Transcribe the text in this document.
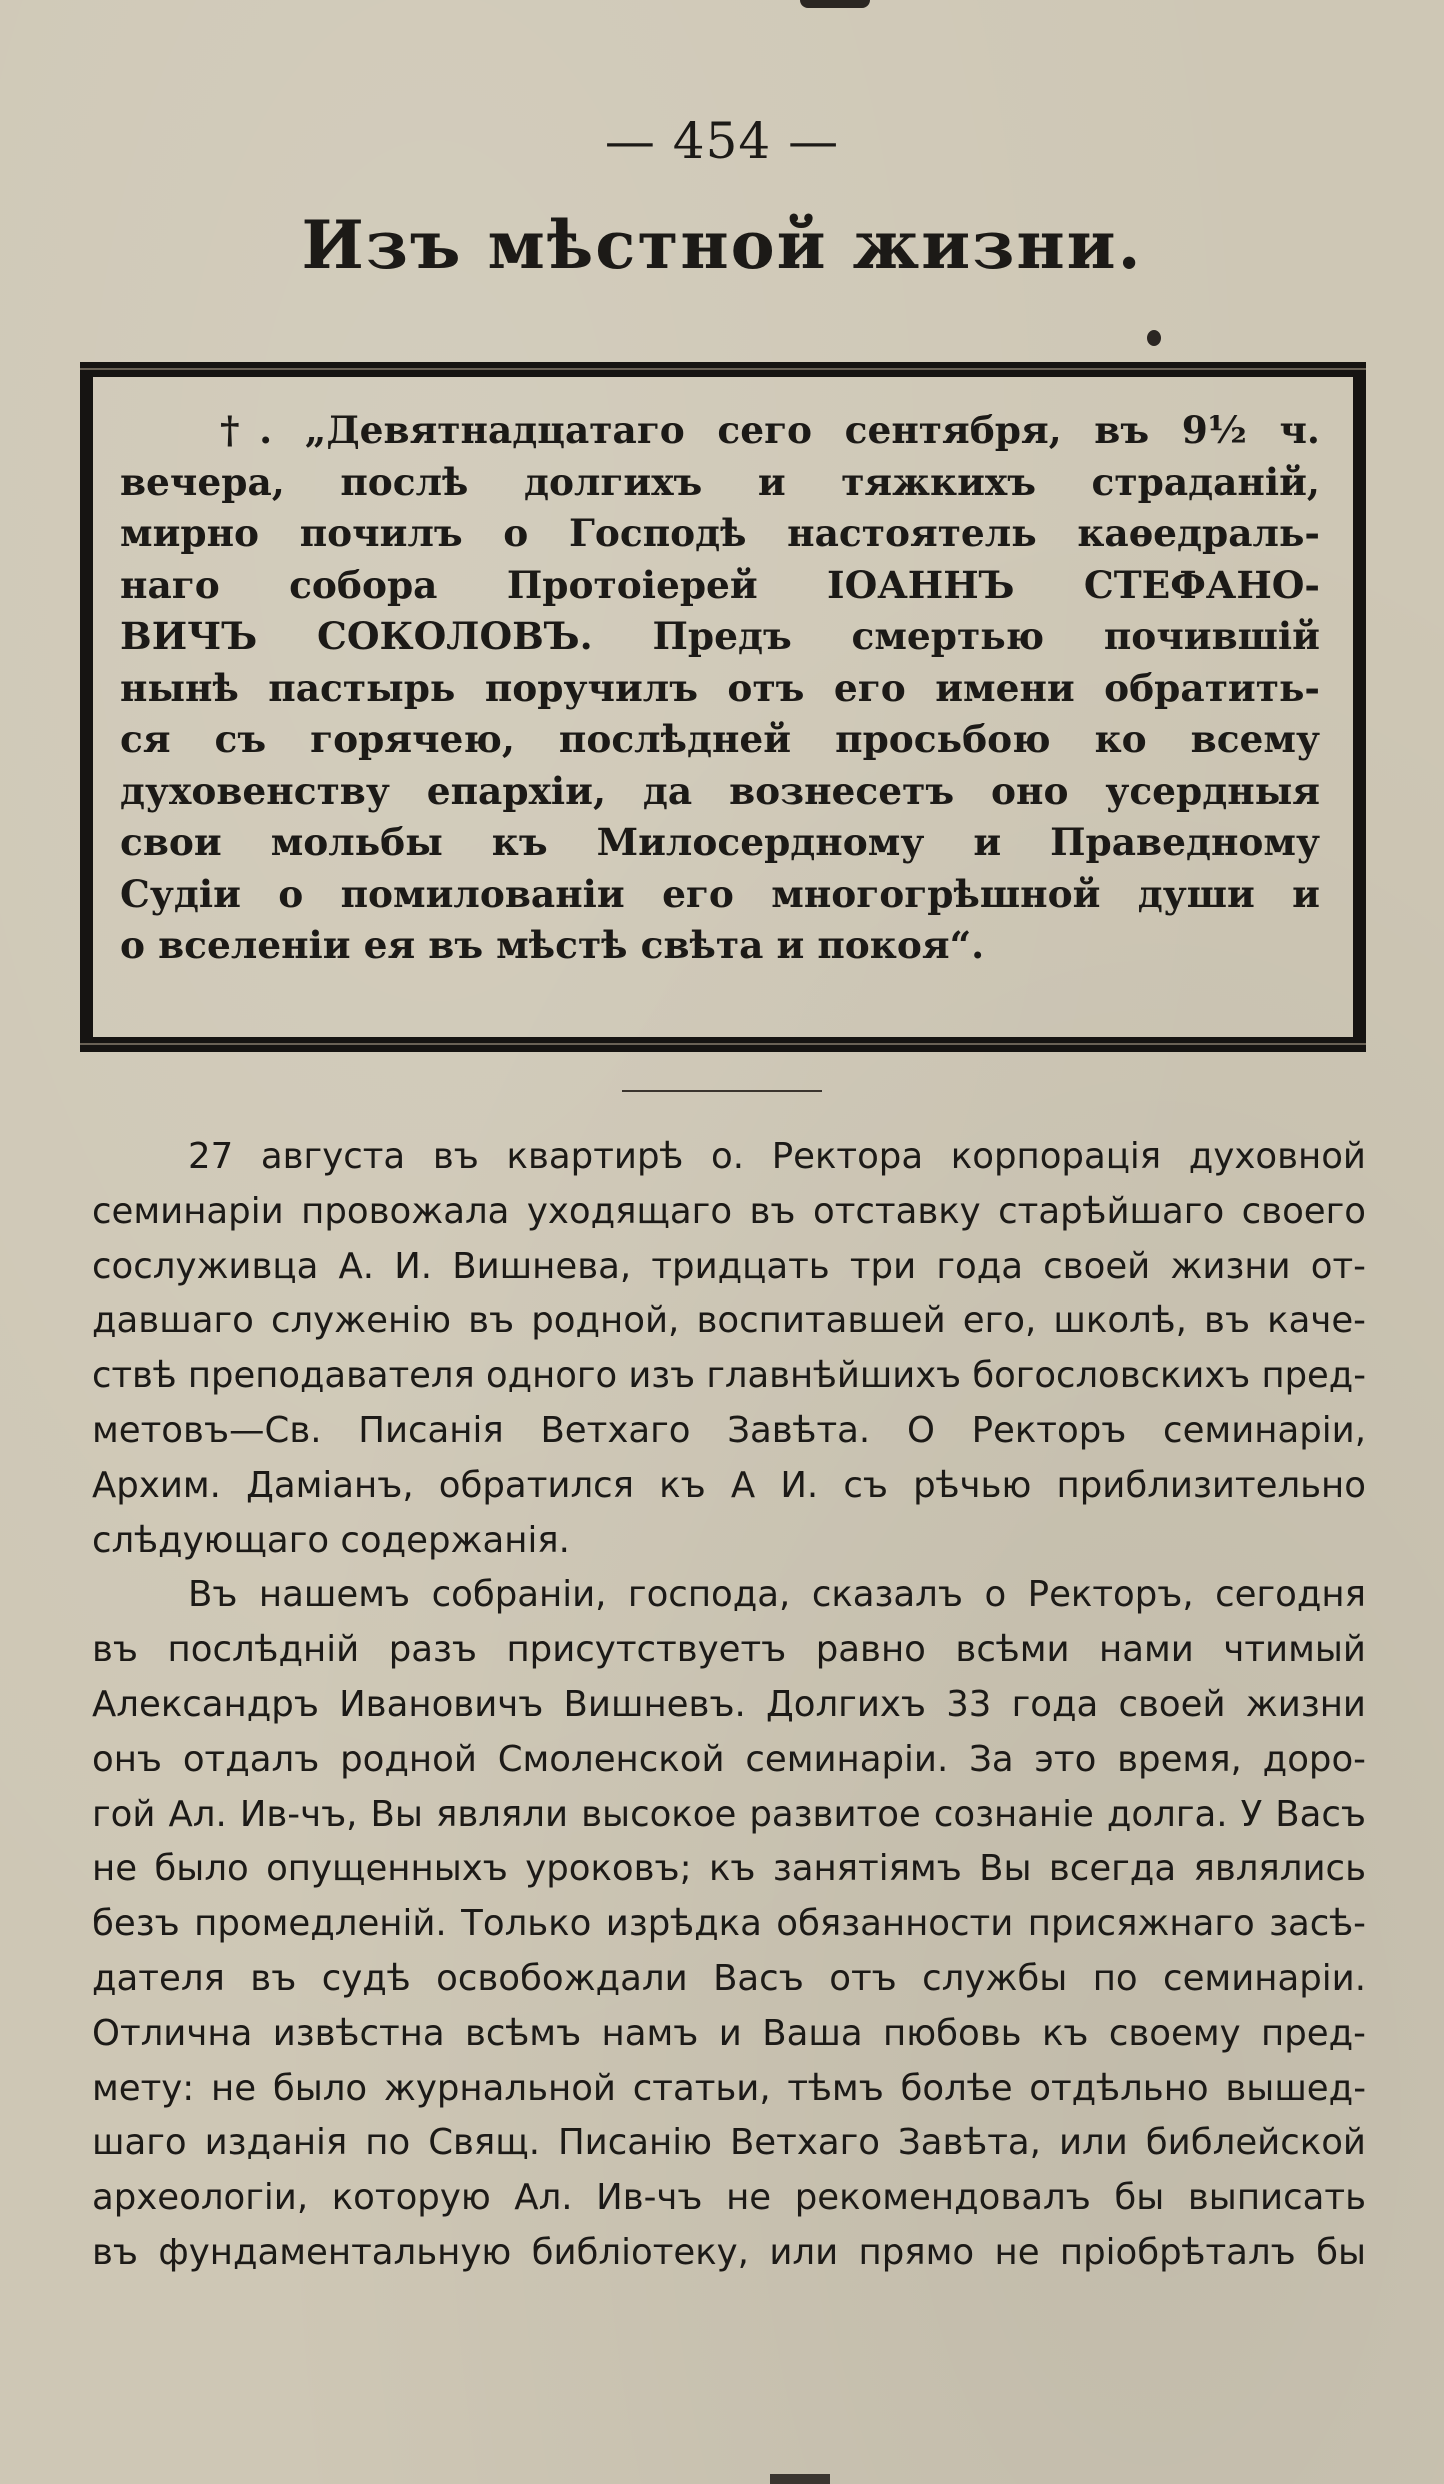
— 454 —
Изъ мѣстной жизни.
†. „Девятнадцатаго сего сентября, въ 9½ ч.
вечера, послѣ долгихъ и тяжкихъ страданій,
мирно почилъ о Господѣ настоятель каѳедраль-
наго собора Протоіерей ІОАННЪ СТЕФАНО-
ВИЧЪ СОКОЛОВЪ. Предъ смертью почившій
нынѣ пастырь поручилъ отъ его имени обратить-
ся съ горячею, послѣдней просьбою ко всему
духовенству епархіи, да вознесетъ оно усердныя
свои мольбы къ Милосердному и Праведному
Судіи о помилованіи его многогрѣшной души и
о вселеніи ея въ мѣстѣ свѣта и покоя“.
27 августа въ квартирѣ о. Ректора корпорація духовной
семинаріи провожала уходящаго въ отставку старѣйшаго своего
сослуживца А. И. Вишнева, тридцать три года своей жизни от-
давшаго служенію въ родной, воспитавшей его, школѣ, въ каче-
ствѣ преподавателя одного изъ главнѣйшихъ богословскихъ пред-
метовъ—Св. Писанія Ветхаго Завѣта. О Ректоръ семинаріи,
Архим. Даміанъ, обратился къ А И. съ рѣчью приблизительно
слѣдующаго содержанія.
Въ нашемъ собраніи, господа, сказалъ о Ректоръ, сегодня
въ послѣдній разъ присутствуетъ равно всѣми нами чтимый
Александръ Ивановичъ Вишневъ. Долгихъ 33 года своей жизни
онъ отдалъ родной Смоленской семинаріи. За это время, доро-
гой Ал. Ив-чъ, Вы являли высокое развитое сознаніе долга. У Васъ
не было опущенныхъ уроковъ; къ занятіямъ Вы всегда являлись
безъ промедленій. Только изрѣдка обязанности присяжнаго засѣ-
дателя въ судѣ освобождали Васъ отъ службы по семинаріи.
Отлична извѣстна всѣмъ намъ и Ваша пюбовь къ своему пред-
мету: не было журнальной статьи, тѣмъ болѣе отдѣльно вышед-
шаго изданія по Свящ. Писанію Ветхаго Завѣта, или библейской
археологіи, которую Ал. Ив-чъ не рекомендовалъ бы выписать
въ фундаментальную библіотеку, или прямо не пріобрѣталъ бы
